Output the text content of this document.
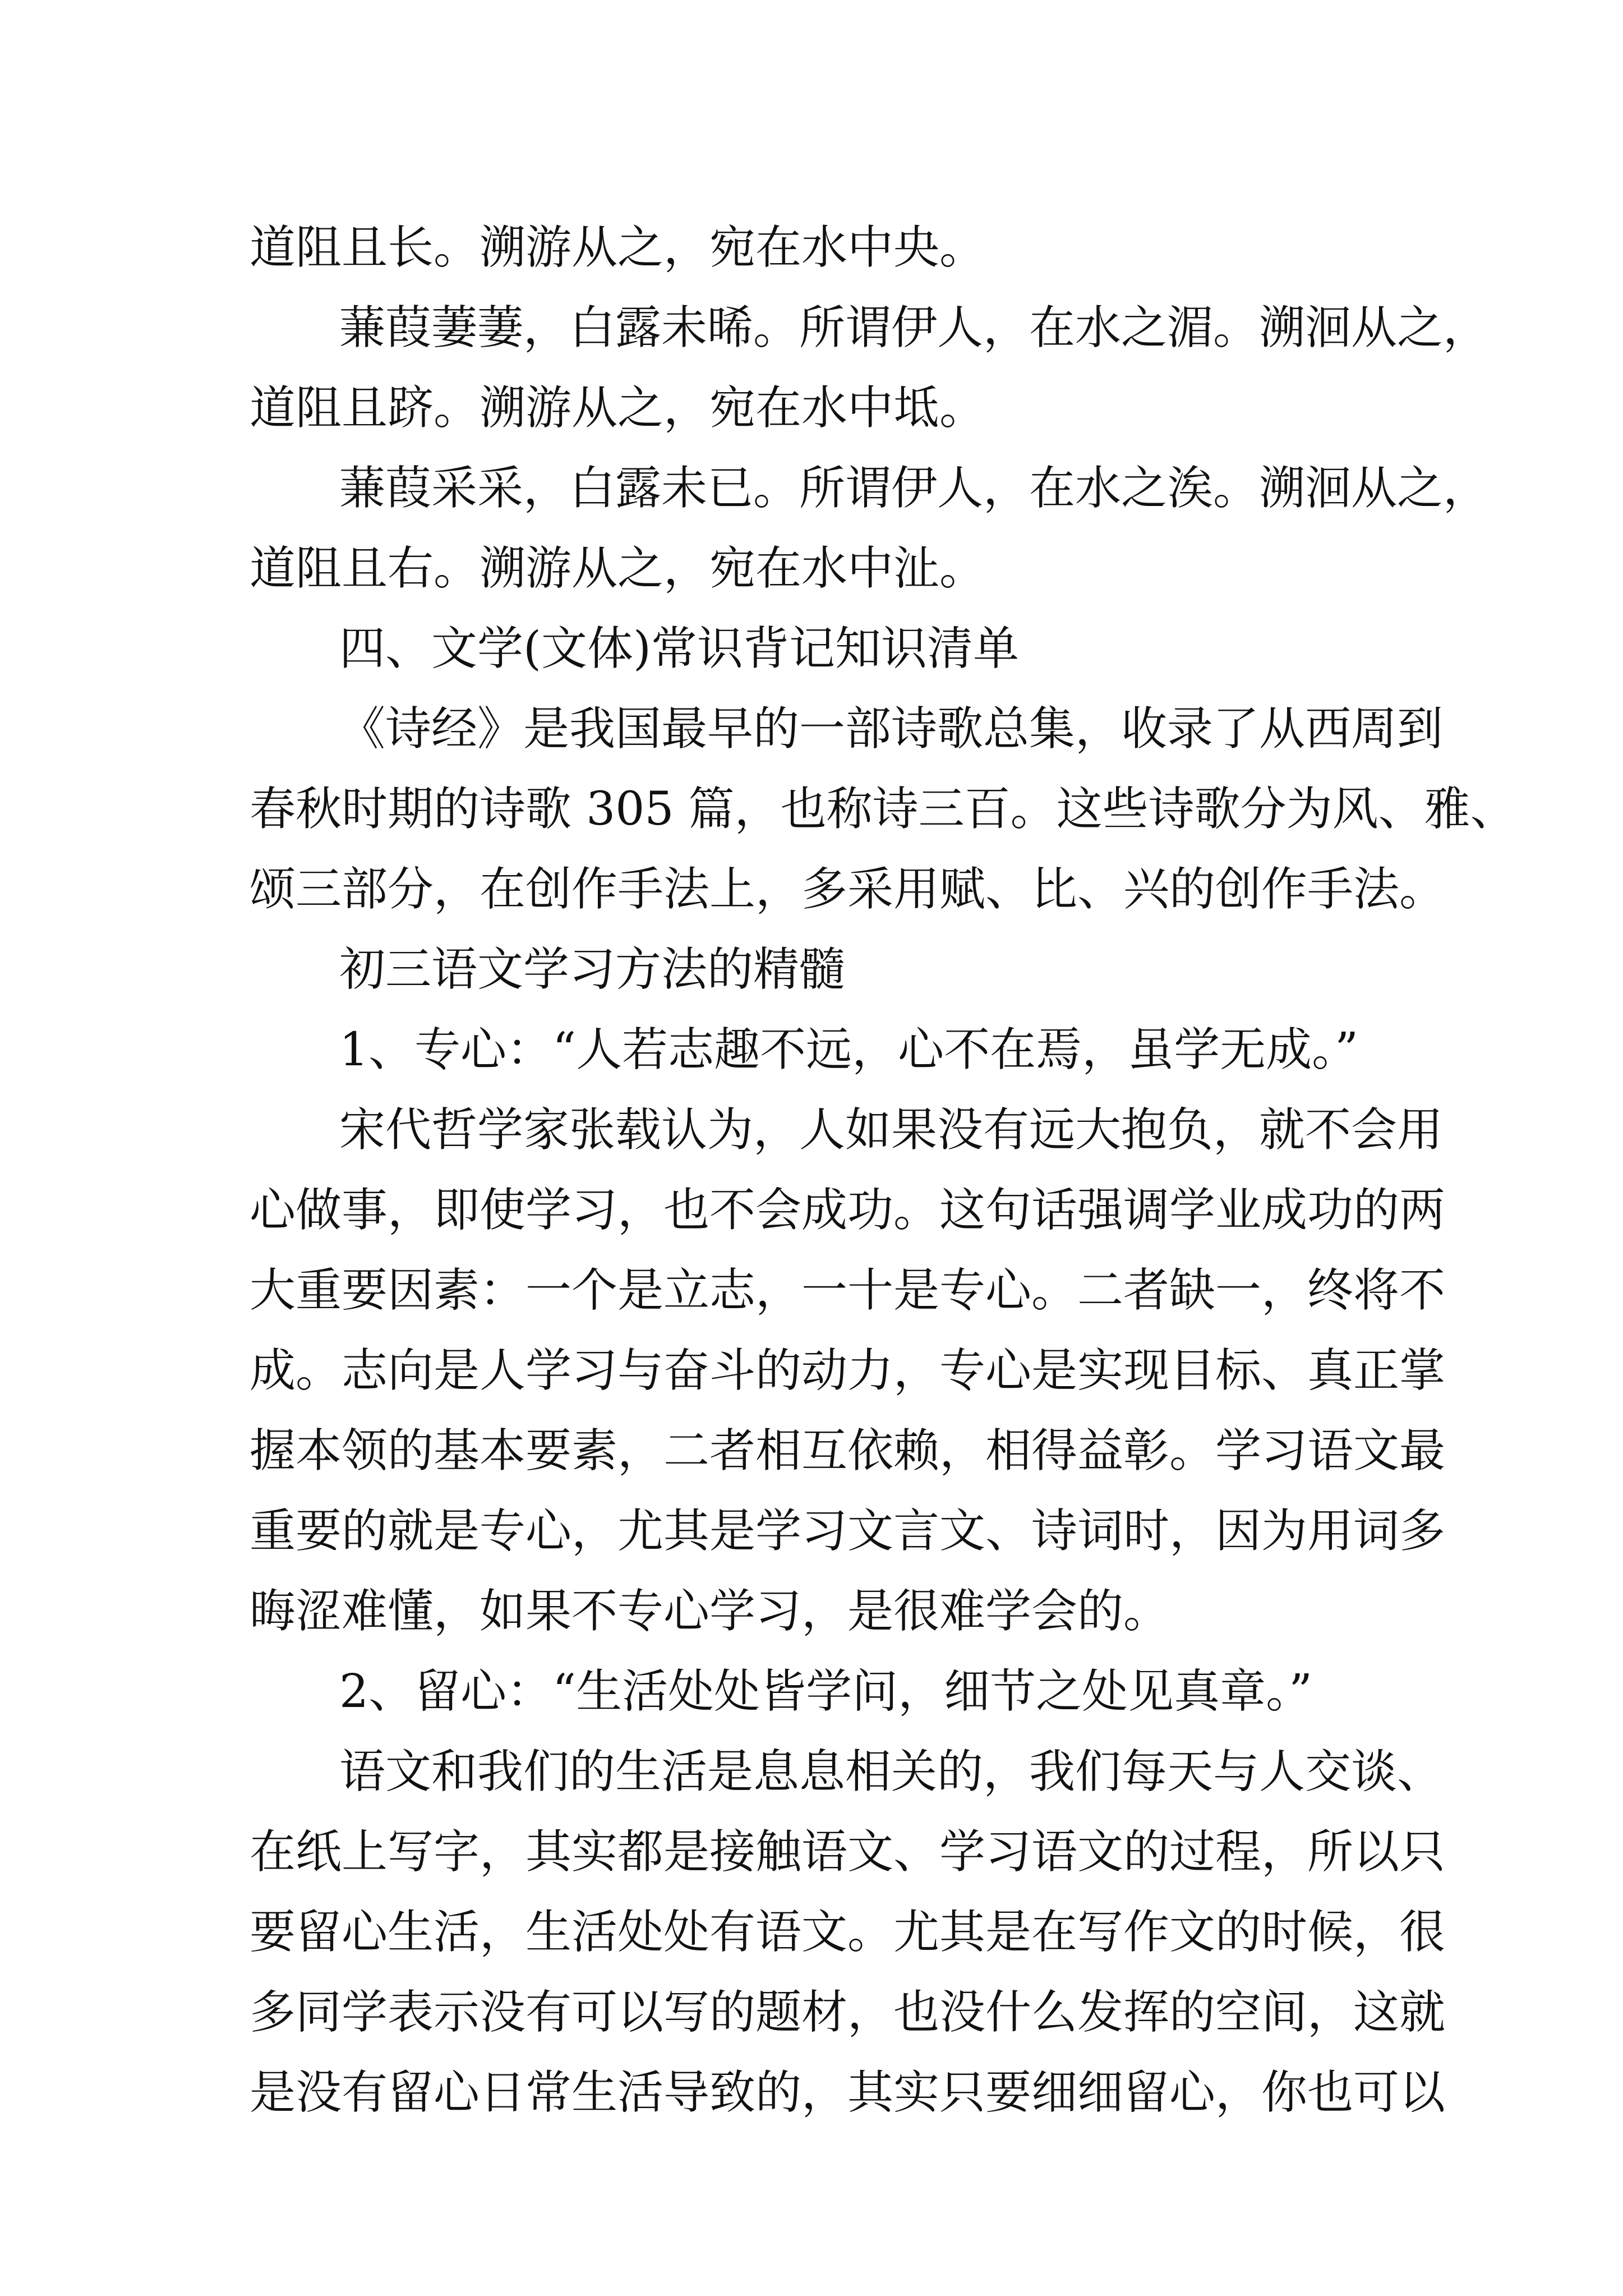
道阻且长。溯游从之，宛在水中央。

蒹葭萋萋，白露未晞。所谓伊人，在水之湄。溯洄从之，

道阻且跻。溯游从之，宛在水中坻。

蒹葭采采，白露未已。所谓伊人，在水之涘。溯洄从之，

道阻且右。溯游从之，宛在水中沚。

四、文学(文体)常识背记知识清单

《诗经》是我国最早的一部诗歌总集，收录了从西周到

春秋时期的诗歌 305 篇，也称诗三百。这些诗歌分为风、雅、

颂三部分，在创作手法上，多采用赋、比、兴的创作手法。

初三语文学习方法的精髓

1、专心：“人若志趣不远，心不在焉，虽学无成。”

宋代哲学家张载认为，人如果没有远大抱负，就不会用

心做事，即使学习，也不会成功。这句话强调学业成功的两

大重要因素：一个是立志，一十是专心。二者缺一，终将不

成。志向是人学习与奋斗的动力，专心是实现目标、真正掌

握本领的基本要素，二者相互依赖，相得益彰。学习语文最

重要的就是专心，尤其是学习文言文、诗词时，因为用词多

晦涩难懂，如果不专心学习，是很难学会的。

2、留心：“生活处处皆学问，细节之处见真章。”

语文和我们的生活是息息相关的，我们每天与人交谈、

在纸上写字，其实都是接触语文、学习语文的过程，所以只

要留心生活，生活处处有语文。尤其是在写作文的时候，很

多同学表示没有可以写的题材，也没什么发挥的空间，这就

是没有留心日常生活导致的，其实只要细细留心，你也可以
